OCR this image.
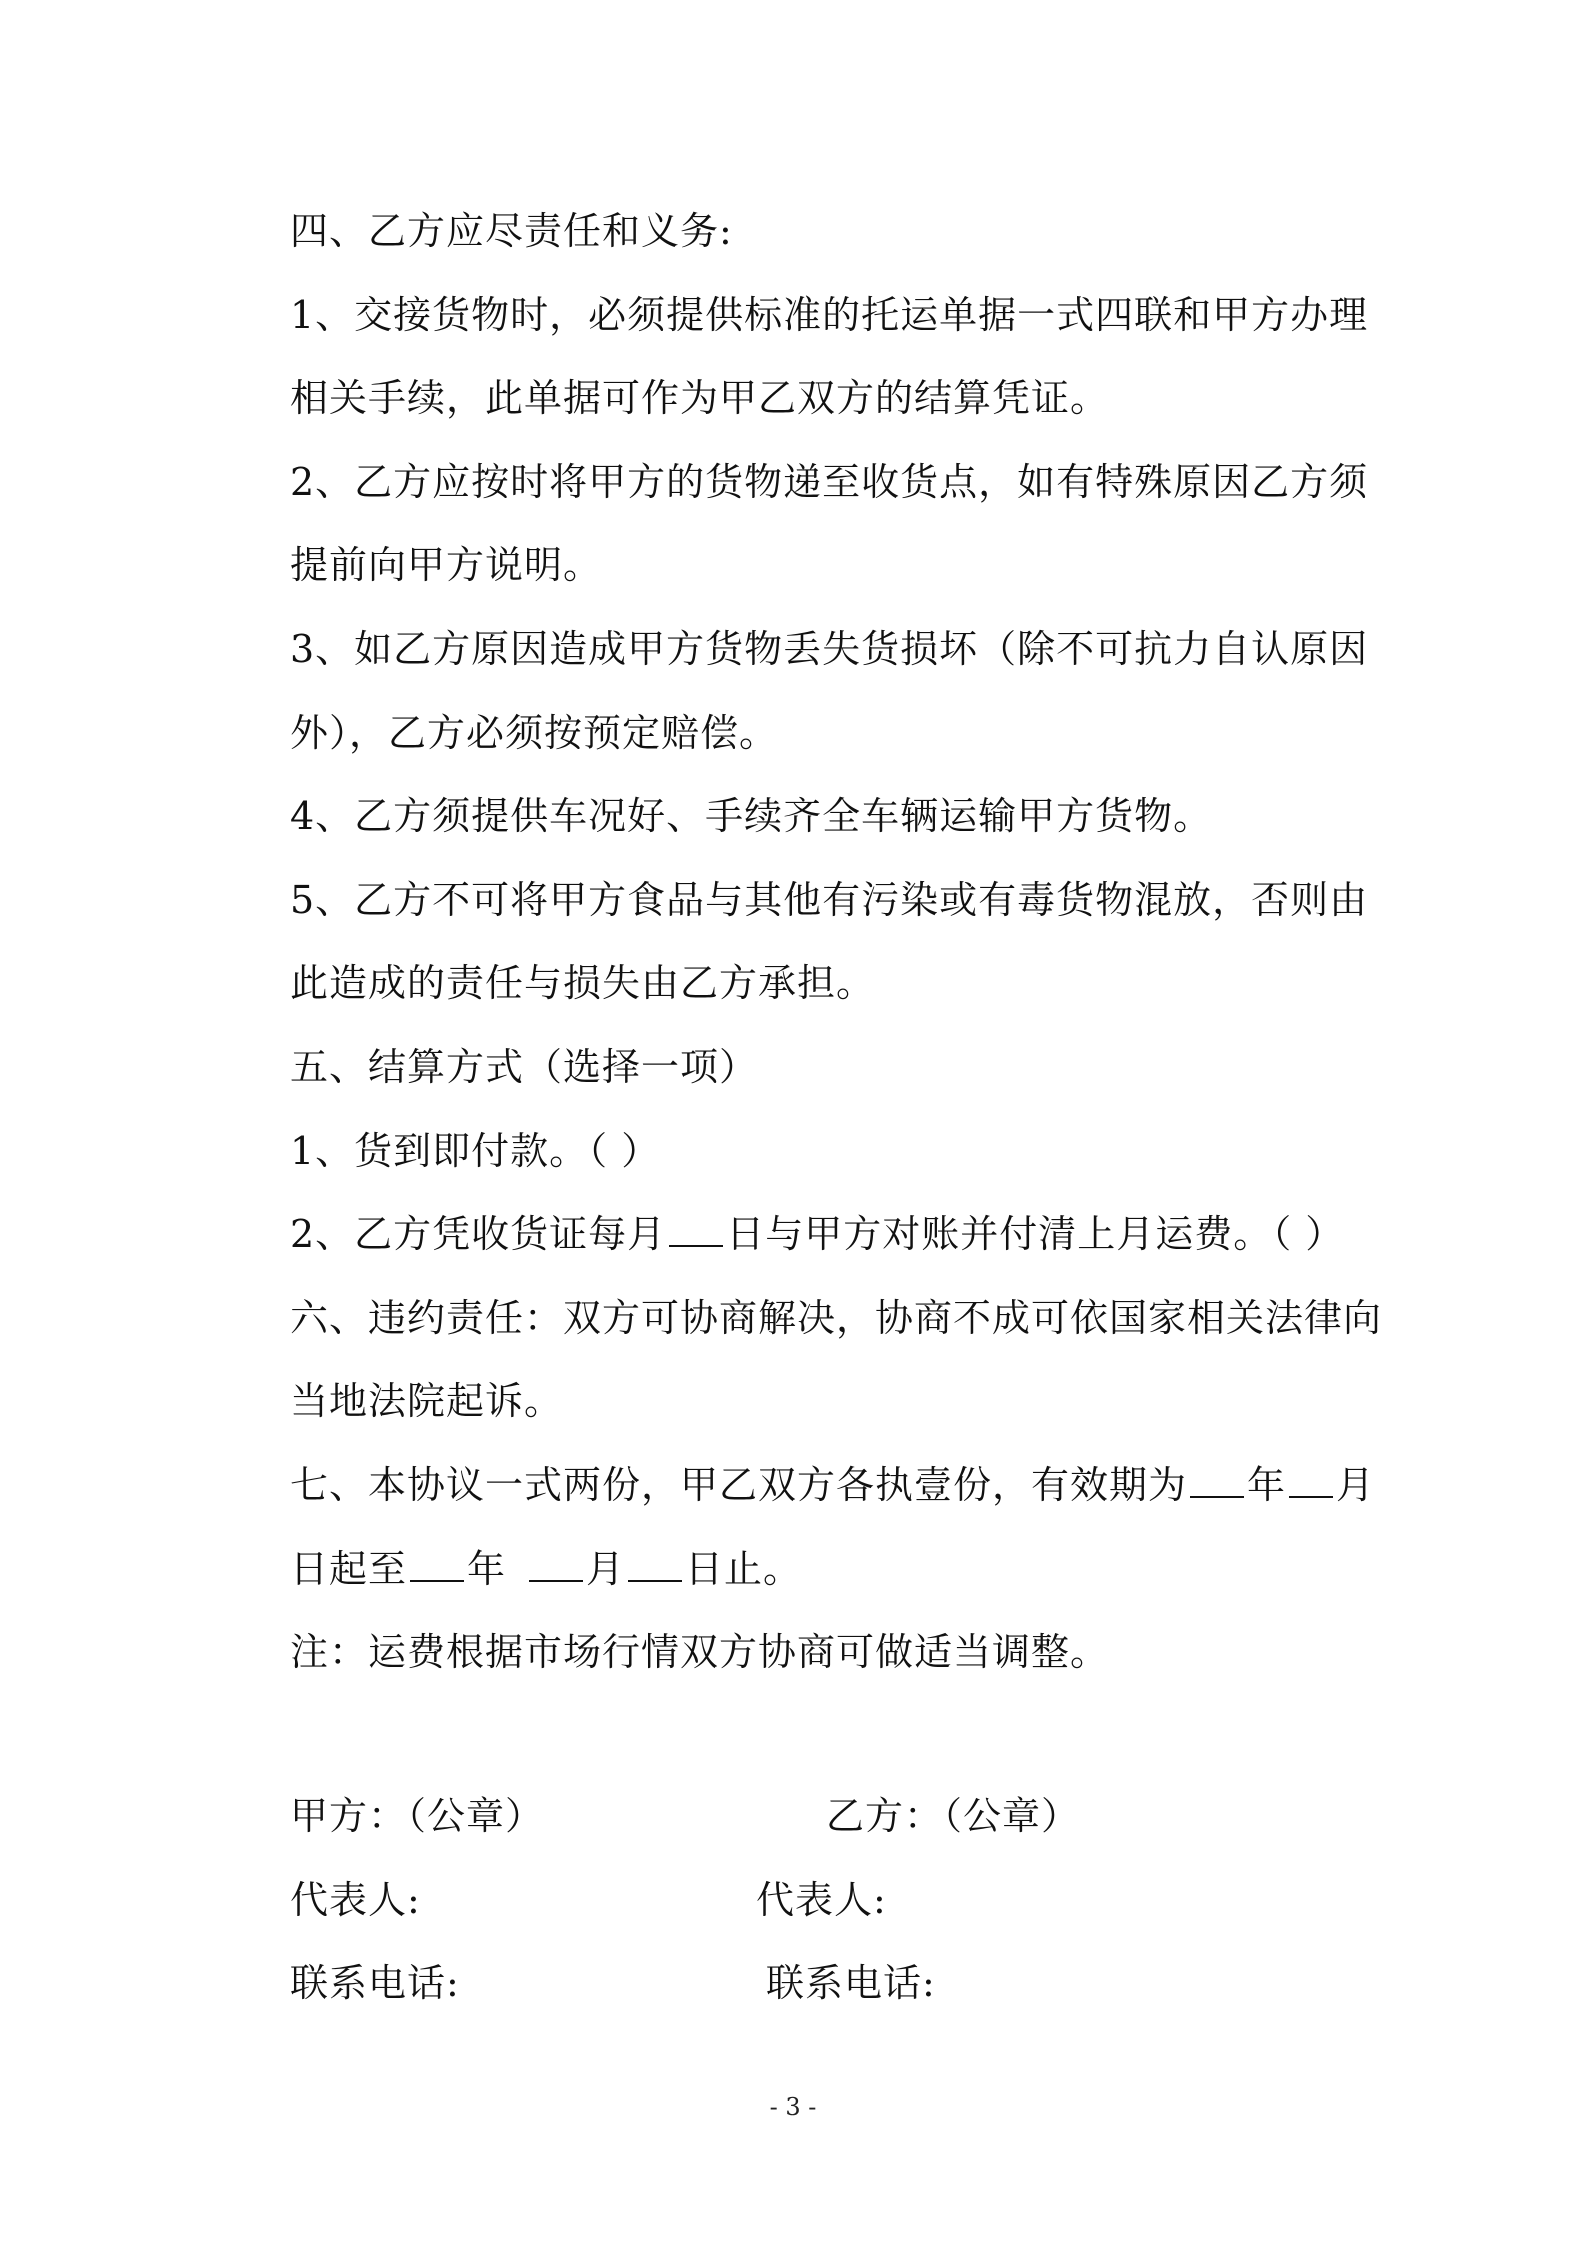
四、乙方应尽责任和义务:
1、交接货物时，必须提供标准的托运单据一式四联和甲方办理
相关手续，此单据可作为甲乙双方的结算凭证。
2、乙方应按时将甲方的货物递至收货点，如有特殊原因乙方须
提前向甲方说明。
3、如乙方原因造成甲方货物丢失货损坏（除不可抗力自认原因
外），乙方必须按预定赔偿。
4、乙方须提供车况好、手续齐全车辆运输甲方货物。
5、乙方不可将甲方食品与其他有污染或有毒货物混放，否则由
此造成的责任与损失由乙方承担。
五、结算方式（选择一项）
1、货到即付款。（ ）
2、乙方凭收货证每月 日与甲方对账并付清上月运费。（ ）
六、违约责任：双方可协商解决，协商不成可依国家相关法律向
当地法院起诉。
七、本协议一式两份，甲乙双方各执壹份，有效期为 年 月
日起至 年 月 日止。
注：运费根据市场行情双方协商可做适当调整。
甲方：（公章）	乙方：（公章）
代表人:	代表人:
联系电话:	联系电话:
- 3 -
